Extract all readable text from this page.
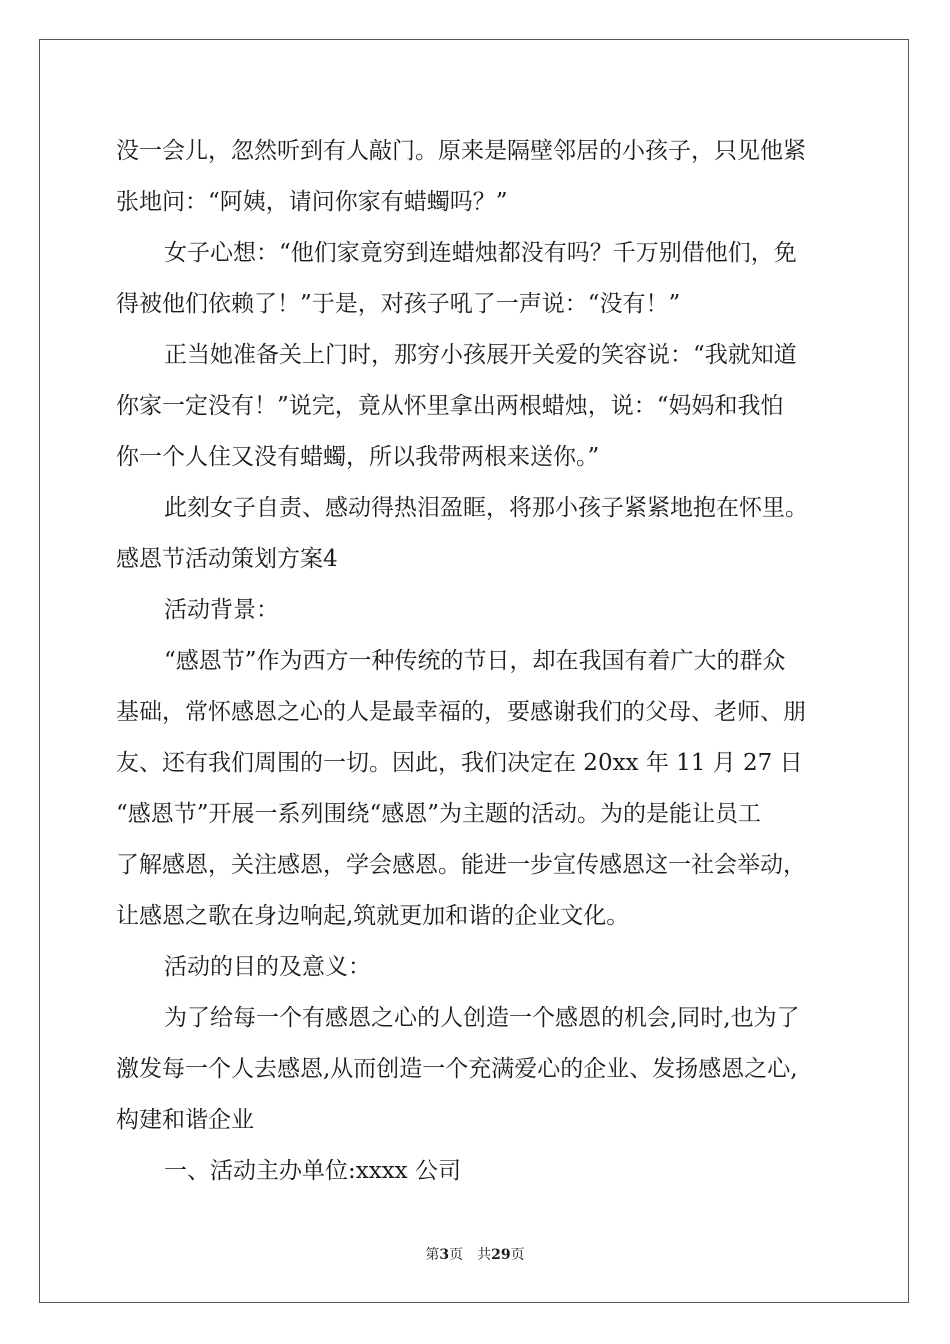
没一会儿，忽然听到有人敲门。原来是隔壁邻居的小孩子，只见他紧
张地问：“阿姨，请问你家有蜡蠋吗？”
女子心想：“他们家竟穷到连蜡烛都没有吗？千万别借他们，免
得被他们依赖了！”于是，对孩子吼了一声说：“没有！”
正当她准备关上门时，那穷小孩展开关爱的笑容说：“我就知道
你家一定没有！”说完，竟从怀里拿出两根蜡烛，说：“妈妈和我怕
你一个人住又没有蜡蠋，所以我带两根来送你。”
此刻女子自责、感动得热泪盈眶，将那小孩子紧紧地抱在怀里。
感恩节活动策划方案4
活动背景：
“感恩节”作为西方一种传统的节日，却在我国有着广大的群众
基础，常怀感恩之心的人是最幸福的，要感谢我们的父母、老师、朋
友、还有我们周围的一切。因此，我们决定在 20xx 年 11 月 27 日
“感恩节”开展一系列围绕“感恩”为主题的活动。为的是能让员工
了解感恩，关注感恩，学会感恩。能进一步宣传感恩这一社会举动，
让感恩之歌在身边响起,筑就更加和谐的企业文化。
活动的目的及意义：
为了给每一个有感恩之心的人创造一个感恩的机会,同时,也为了
激发每一个人去感恩,从而创造一个充满爱心的企业、发扬感恩之心,
构建和谐企业
一、活动主办单位:xxxx 公司
第3页 共29页
